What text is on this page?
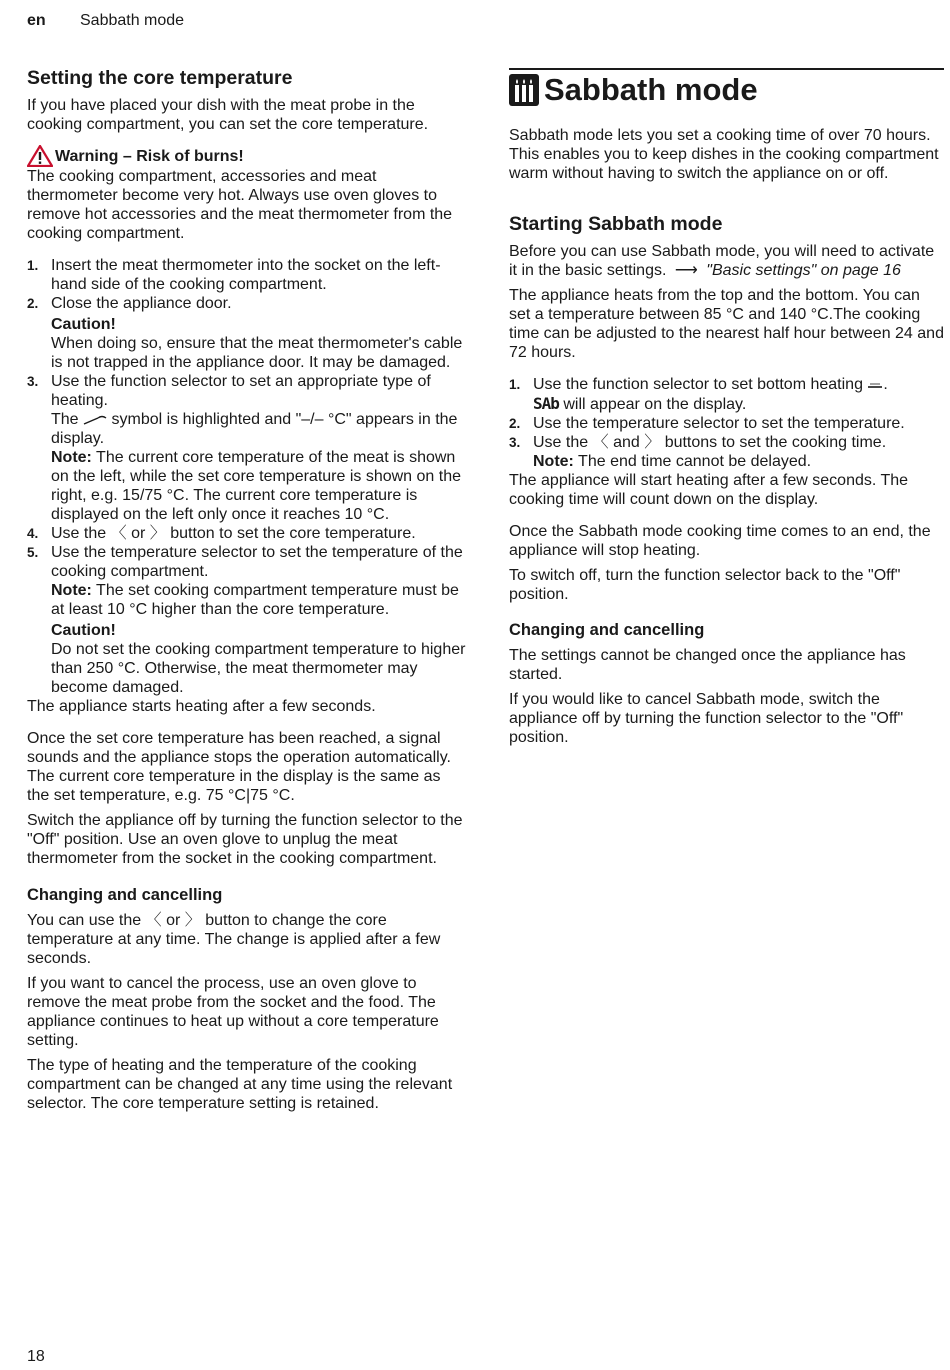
en Sabbath mode
Setting the core temperature

If you have placed your dish with the meat probe in the cooking compartment, you can set the core temperature.

Warning – Risk of burns!

The cooking compartment, accessories and meat thermometer become very hot. Always use oven gloves to remove hot accessories and the meat thermometer from the cooking compartment.

1. Insert the meat thermometer into the socket on the left-hand side of the cooking compartment.
2. Close the appliance door.
Caution!
When doing so, ensure that the meat thermometer's cable is not trapped in the appliance door. It may be damaged.
3. Use the function selector to set an appropriate type of heating.
The symbol is highlighted and "–/– °C" appears in the display.
Note: The current core temperature of the meat is shown on the left, while the set core temperature is shown on the right, e.g. 15/75 °C. The current core temperature is displayed on the left only once it reaches 10 °C.
4. Use the 〈 or 〉 button to set the core temperature.
5. Use the temperature selector to set the temperature of the cooking compartment.
Note: The set cooking compartment temperature must be at least 10 °C higher than the core temperature.
Caution!
Do not set the cooking compartment temperature to higher than 250 °C. Otherwise, the meat thermometer may become damaged.

The appliance starts heating after a few seconds.

Once the set core temperature has been reached, a signal sounds and the appliance stops the operation automatically. The current core temperature in the display is the same as the set temperature, e.g. 75 °C|75 °C.

Switch the appliance off by turning the function selector to the "Off" position. Use an oven glove to unplug the meat thermometer from the socket in the cooking compartment.

Changing and cancelling

You can use the 〈 or 〉 button to change the core temperature at any time. The change is applied after a few seconds.

If you want to cancel the process, use an oven glove to remove the meat probe from the socket and the food. The appliance continues to heat up without a core temperature setting.

The type of heating and the temperature of the cooking compartment can be changed at any time using the relevant selector. The core temperature setting is retained.

Sabbath mode

Sabbath mode lets you set a cooking time of over 70 hours. This enables you to keep dishes in the cooking compartment warm without having to switch the appliance on or off.

Starting Sabbath mode

Before you can use Sabbath mode, you will need to activate it in the basic settings. ⟶ "Basic settings" on page 16

The appliance heats from the top and the bottom. You can set a temperature between 85 °C and 140 °C.The cooking time can be adjusted to the nearest half hour between 24 and 72 hours.

1. Use the function selector to set bottom heating .
SAb will appear on the display.
2. Use the temperature selector to set the temperature.
3. Use the 〈 and 〉 buttons to set the cooking time.
Note: The end time cannot be delayed.

The appliance will start heating after a few seconds. The cooking time will count down on the display.

Once the Sabbath mode cooking time comes to an end, the appliance will stop heating.

To switch off, turn the function selector back to the "Off" position.

Changing and cancelling

The settings cannot be changed once the appliance has started.

If you would like to cancel Sabbath mode, switch the appliance off by turning the function selector to the "Off" position.

18
